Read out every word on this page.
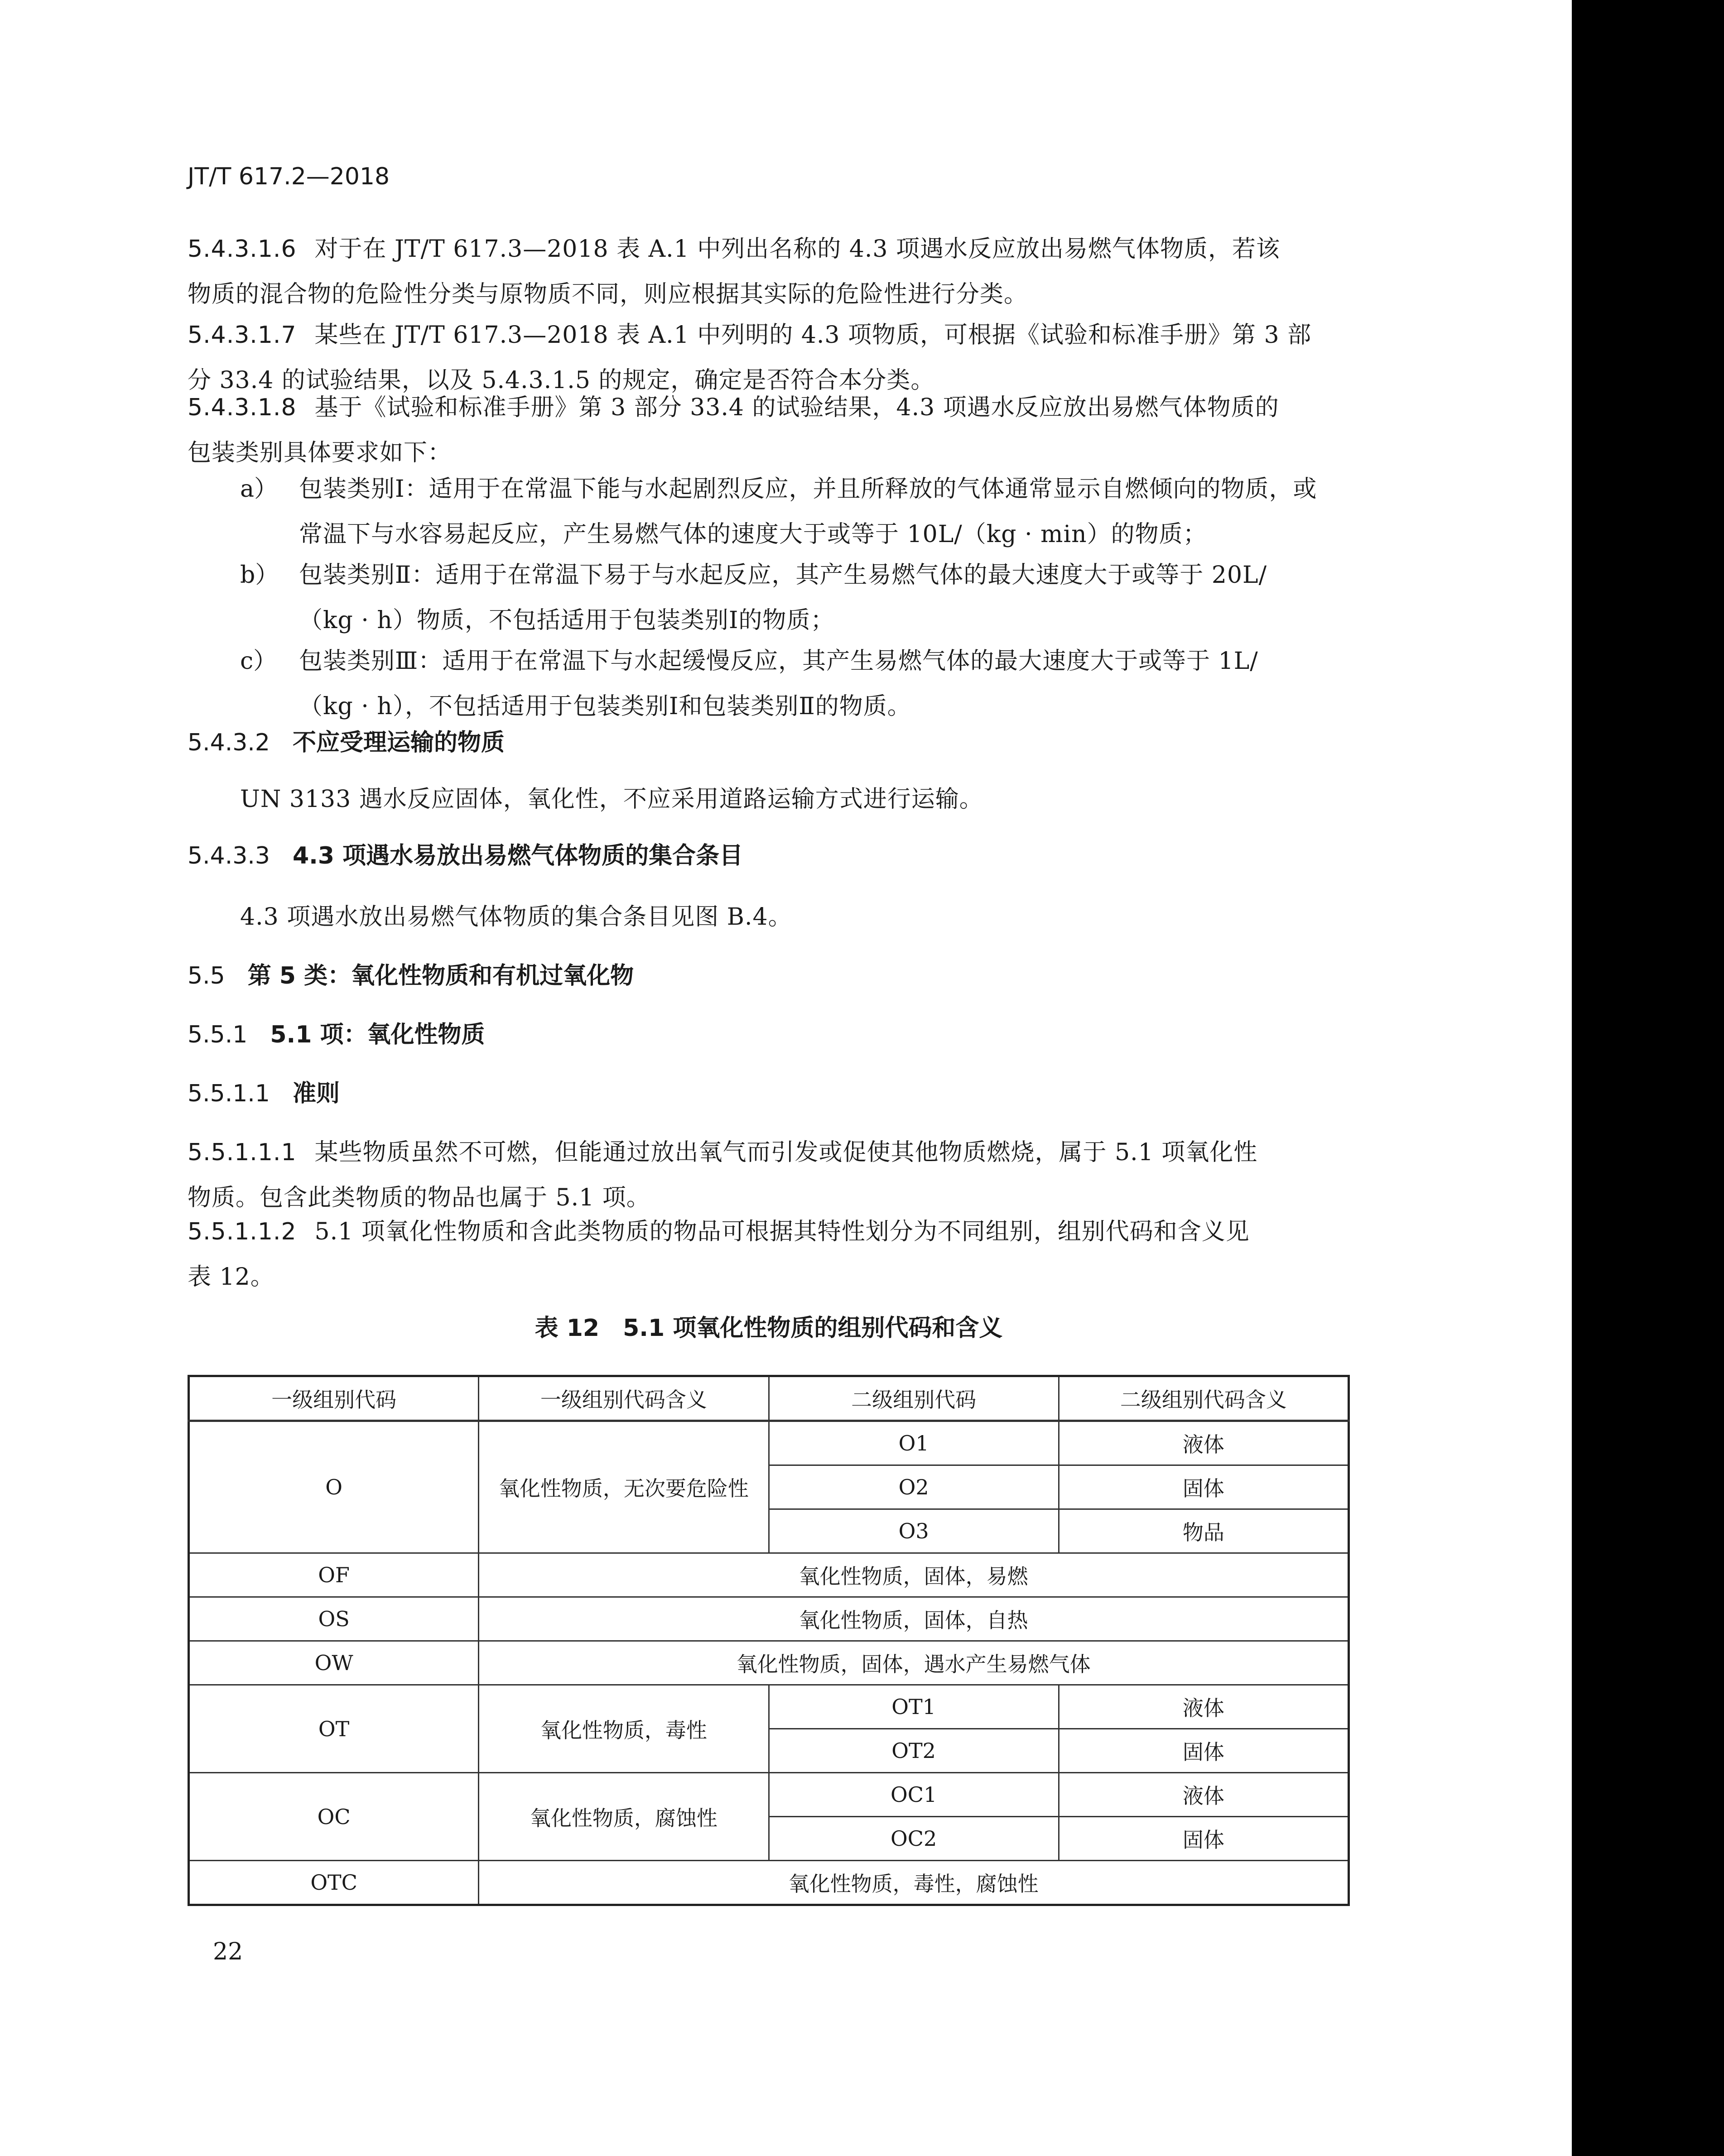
JT/T 617.2—2018
5.4.3.1.6 对于在 JT/T 617.3—2018 表 A.1 中列出名称的 4.3 项遇水反应放出易燃气体物质，若该
物质的混合物的危险性分类与原物质不同，则应根据其实际的危险性进行分类。
5.4.3.1.7 某些在 JT/T 617.3—2018 表 A.1 中列明的 4.3 项物质，可根据《试验和标准手册》第 3 部
分 33.4 的试验结果，以及 5.4.3.1.5 的规定，确定是否符合本分类。
5.4.3.1.8 基于《试验和标准手册》第 3 部分 33.4 的试验结果，4.3 项遇水反应放出易燃气体物质的
包装类别具体要求如下：
a） 包装类别Ⅰ：适用于在常温下能与水起剧烈反应，并且所释放的气体通常显示自燃倾向的物质，或
常温下与水容易起反应，产生易燃气体的速度大于或等于 10L/（kg · min）的物质；
b） 包装类别Ⅱ：适用于在常温下易于与水起反应，其产生易燃气体的最大速度大于或等于 20L/
（kg · h）物质，不包括适用于包装类别Ⅰ的物质；
c） 包装类别Ⅲ：适用于在常温下与水起缓慢反应，其产生易燃气体的最大速度大于或等于 1L/
（kg · h），不包括适用于包装类别Ⅰ和包装类别Ⅱ的物质。
5.4.3.2 不应受理运输的物质
UN 3133 遇水反应固体，氧化性，不应采用道路运输方式进行运输。
5.4.3.3 4.3 项遇水易放出易燃气体物质的集合条目
4.3 项遇水放出易燃气体物质的集合条目见图 B.4。
5.5 第 5 类：氧化性物质和有机过氧化物
5.5.1 5.1 项：氧化性物质
5.5.1.1 准则
5.5.1.1.1 某些物质虽然不可燃，但能通过放出氧气而引发或促使其他物质燃烧，属于 5.1 项氧化性
物质。包含此类物质的物品也属于 5.1 项。
5.5.1.1.2 5.1 项氧化性物质和含此类物质的物品可根据其特性划分为不同组别，组别代码和含义见
表 12。
表 12　5.1 项氧化性物质的组别代码和含义
一级组别代码	一级组别代码含义	二级组别代码	二级组别代码含义
O	氧化性物质，无次要危险性	O1	液体
		O2	固体
		O3	物品
OF	氧化性物质，固体，易燃		
OS	氧化性物质，固体，自热		
OW	氧化性物质，固体，遇水产生易燃气体		
OT	氧化性物质，毒性	OT1	液体
		OT2	固体
OC	氧化性物质，腐蚀性	OC1	液体
		OC2	固体
OTC	氧化性物质，毒性，腐蚀性		
22
